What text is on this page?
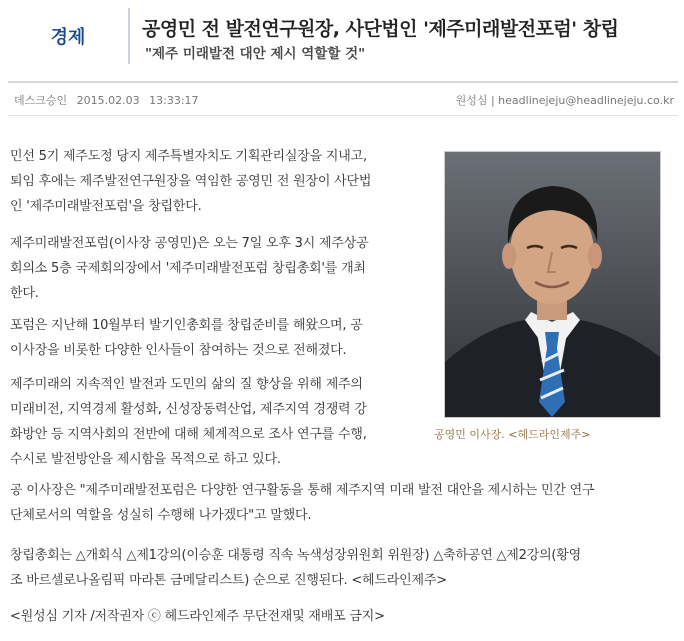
경제	공영민 전 발전연구원장, 사단법인 '제주미래발전포럼' 창립
"제주 미래발전 대안 제시 역할할 것"
데스크승인 2015.02.03 13:33:17	원성심 | headlinejeju@headlinejeju.co.kr
공영민 이사장. <헤드라인제주>
민선 5기 제주도정 당지 제주특별자치도 기획관리실장을 지내고,
퇴임 후에는 제주발전연구원장을 역임한 공영민 전 원장이 사단법
인 '제주미래발전포럼'을 창립한다.
제주미래발전포럼(이사장 공영민)은 오는 7일 오후 3시 제주상공
회의소 5층 국제회의장에서 '제주미래발전포럼 창립총회'를 개최
한다.
포럼은 지난해 10월부터 발기인총회를 창립준비를 해왔으며, 공
이사장을 비롯한 다양한 인사들이 참여하는 것으로 전해졌다.
제주미래의 지속적인 발전과 도민의 삶의 질 향상을 위해 제주의
미래비전, 지역경제 활성화, 신성장동력산업, 제주지역 경쟁력 강
화방안 등 지역사회의 전반에 대해 체계적으로 조사 연구를 수행,
수시로 발전방안을 제시함을 목적으로 하고 있다.
공 이사장은 "제주미래발전포럼은 다양한 연구활동을 통해 제주지역 미래 발전 대안을 제시하는 민간 연구
단체로서의 역할을 성실히 수행해 나가겠다"고 말했다.
창립총회는 △개회식 △제1강의(이승훈 대통령 직속 녹색성장위원회 위원장) △축하공연 △제2강의(황영
조 바르셀로나올림픽 마라톤 금메달리스트) 순으로 진행된다. <헤드라인제주>
<원성심 기자 /저작권자 ⓒ 헤드라인제주 무단전재및 재배포 금지>
